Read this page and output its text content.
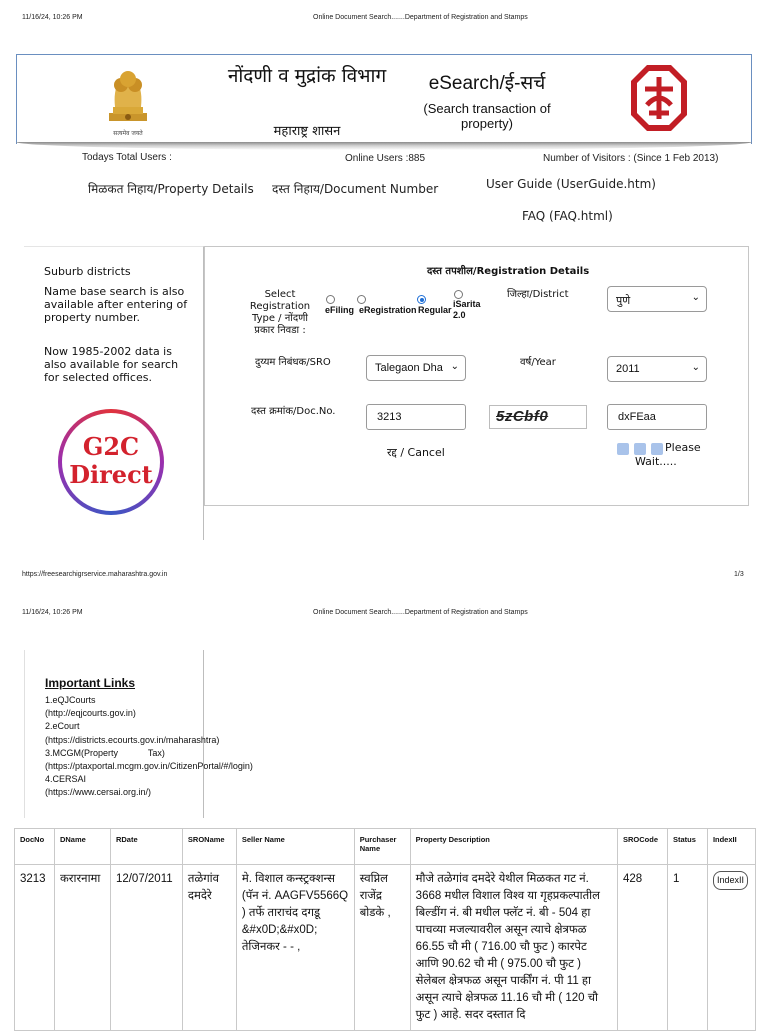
11/16/24, 10:26 PM	Online Document Search.......Department of Registration and Stamps
सत्यमेव जयते
नोंदणी व मुद्रांक विभाग
महाराष्ट्र शासन
eSearch/ई-सर्च
(Search transaction of property)
Todays Total Users :	Online Users :885	Number of Visitors : (Since 1 Feb 2013)
मिळकत निहाय/Property Details दस्त निहाय/Document Number	User Guide (UserGuide.htm)
FAQ (FAQ.html)
Suburb districts
Name base search is also available after entering of property number.
Now 1985-2002 data is also available for search for selected offices.
G2C
Direct
दस्त तपशील/Registration Details
Select Registration Type / नोंदणी प्रकार निवडा :
eFiling eRegistration Regular
iSarita 2.0
जिल्हा/District
पुणे	⌄
दुय्यम निबंधक/SRO	Talegaon Dha ⌄	वर्ष/Year
2011	⌄
दस्त क्रमांक/Doc.No.	3213	5zCbf0	dxFEaa
रद्द / Cancel	Please Wait.....
https://freesearchigrservice.maharashtra.gov.in	1/3
11/16/24, 10:26 PM	Online Document Search.......Department of Registration and Stamps
Important Links
1.eQJCourts
(http://eqjcourts.gov.in)
2.eCourt
(https://districts.ecourts.gov.in/maharashtra)
3.MCGM(Property            Tax)
(https://ptaxportal.mcgm.gov.in/CitizenPortal/#/login)
4.CERSAI
(https://www.cersai.org.in/)
DocNo	DName	RDate	SROName	Seller Name	Purchaser Name	Property Description	SROCode	Status	IndexII
3213	करारनामा	12/07/2011	तळेगांव दमदेरे	मे. विशाल कन्स्ट्रक्शन्स (पॅन नं. AAGFV5566Q ) तर्फे ताराचंद दगडू &#x0D;&#x0D; तेजिनकर - - ,	स्वप्निल राजेंद्र बोडके ,	मौजे तळेगांव दमदेरे येथील मिळकत गट नं. 3668 मधील विशाल विश्व या गृहप्रकल्पातील बिल्डींग नं. बी मधील फ्लॅट नं. बी - 504 हा पाचव्या मजल्यावरील असून त्याचे क्षेत्रफळ 66.55 चौ मी ( 716.00 चौ फुट ) कारपेट आणि 90.62 चौ मी ( 975.00 चौ फुट ) सेलेबल क्षेत्रफळ असून पार्कींग नं. पी 11 हा असून त्याचे क्षेत्रफळ 11.16 चौ मी ( 120 चौ फुट ) आहे. सदर दस्तात दि	428	1	IndexII
